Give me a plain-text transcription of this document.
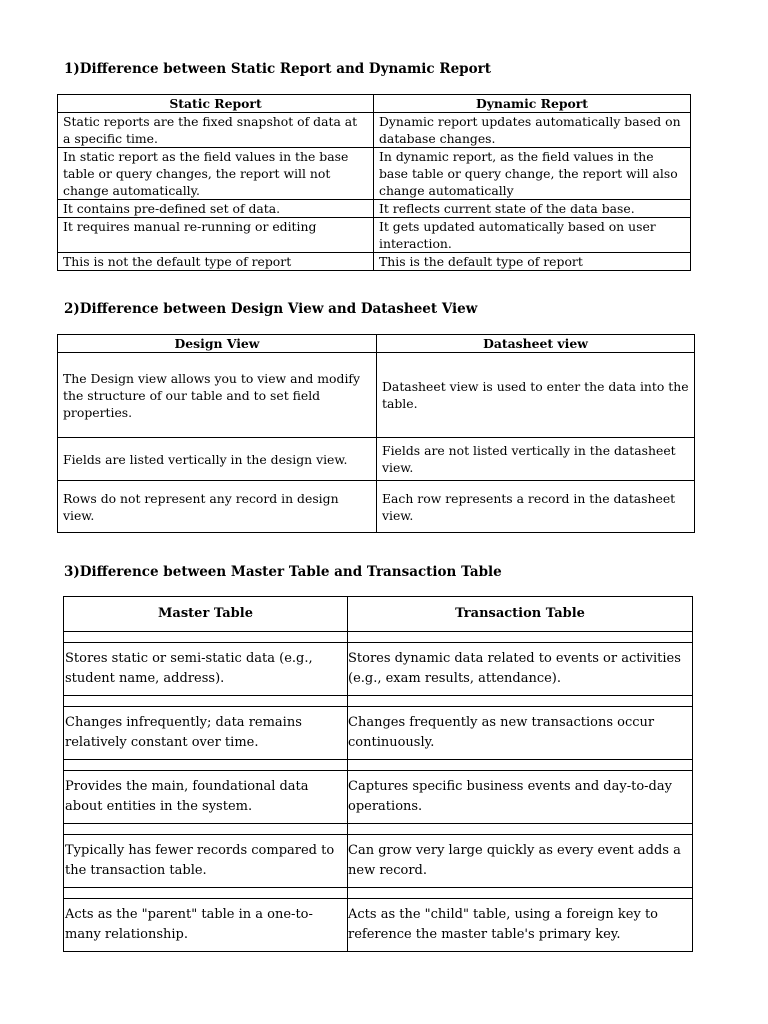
1)Difference between Static Report and Dynamic Report
Static Report	Dynamic Report
Static reports are the fixed snapshot of data at a specific time.	Dynamic report updates automatically based on database changes.
In static report as the field values in the base table or query changes, the report will not change automatically.	In dynamic report, as the field values in the base table or query change, the report will also change automatically
It contains pre-defined set of data.	It reflects current state of the data base.
It requires manual re-running or editing	It gets updated automatically based on user interaction.
This is not the default type of report	This is the default type of report
2)Difference between Design View and Datasheet View
Design View	Datasheet view
The Design view allows you to view and modify the structure of our table and to set field properties.	Datasheet view is used to enter the data into the table.
Fields are listed vertically in the design view.	Fields are not listed vertically in the datasheet view.
Rows do not represent any record in design view.	Each row represents a record in the datasheet view.
3)Difference between Master Table and Transaction Table
Master Table	Transaction Table

Stores static or semi-static data (e.g., student name, address).	Stores dynamic data related to events or activities (e.g., exam results, attendance).

Changes infrequently; data remains relatively constant over time.	Changes frequently as new transactions occur continuously.

Provides the main, foundational data about entities in the system.	Captures specific business events and day-to-day operations.

Typically has fewer records compared to the transaction table.	Can grow very large quickly as every event adds a new record.

Acts as the "parent" table in a one-to-many relationship.	Acts as the "child" table, using a foreign key to reference the master table's primary key.
